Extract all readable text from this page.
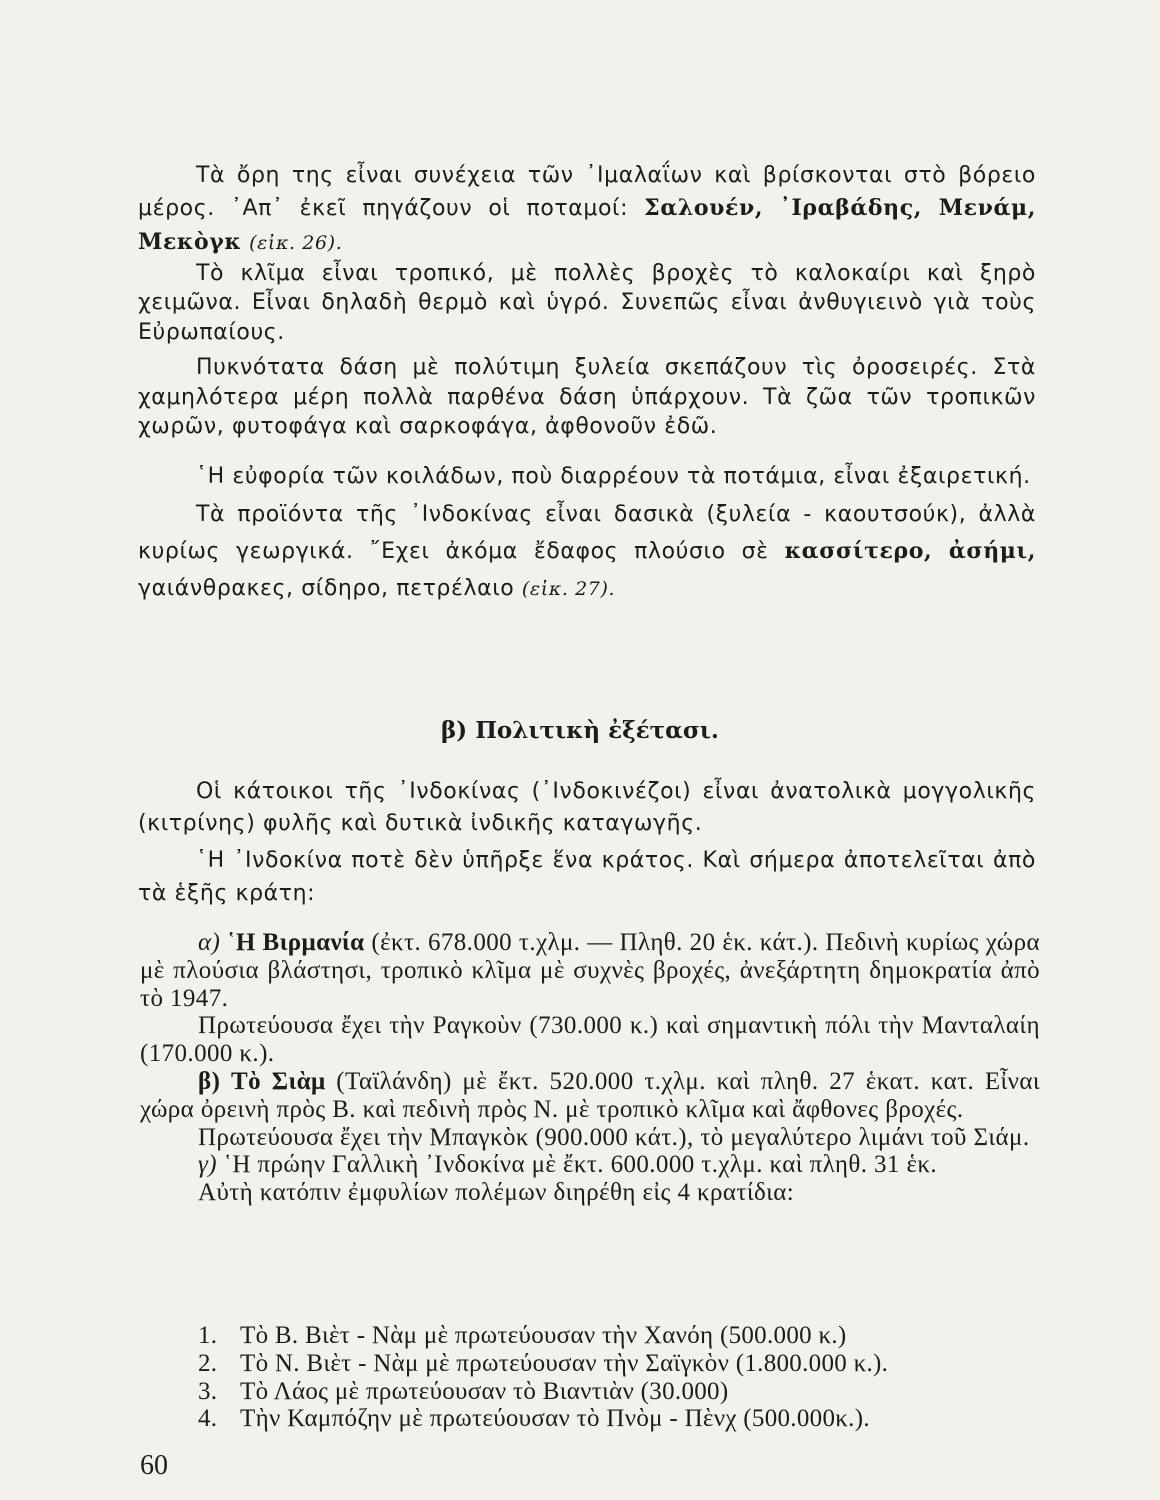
Τὰ ὄρη της εἶναι συνέχεια τῶν ᾿Ιμαλαΐων καὶ βρίσκονται στὸ βόρειο μέρος. ᾿Απ᾿ ἐκεῖ πηγάζουν οἱ ποταμοί: Σαλουέν, ᾿Ιραβάδης, Μενάμ, Μεκὸγκ (εἰκ. 26).

Τὸ κλῖμα εἶναι τροπικό, μὲ πολλὲς βροχὲς τὸ καλοκαίρι καὶ ξηρὸ χειμῶνα. Εἶναι δηλαδὴ θερμὸ καὶ ὑγρό. Συνεπῶς εἶναι ἀνθυγιεινὸ γιὰ τοὺς Εὐρωπαίους.

Πυκνότατα δάση μὲ πολύτιμη ξυλεία σκεπάζουν τὶς ὀροσειρές. Στὰ χαμηλότερα μέρη πολλὰ παρθένα δάση ὑπάρχουν. Τὰ ζῶα τῶν τροπικῶν χωρῶν, φυτοφάγα καὶ σαρκοφάγα, ἀφθονοῦν ἐδῶ.

῾Η εὐφορία τῶν κοιλάδων, ποὺ διαρρέουν τὰ ποτάμια, εἶναι ἐξαιρετική.

Τὰ προϊόντα τῆς ᾿Ινδοκίνας εἶναι δασικὰ (ξυλεία - καουτσούκ), ἀλλὰ κυρίως γεωργικά. ῎Εχει ἀκόμα ἔδαφος πλούσιο σὲ κασσίτερο, ἀσήμι, γαιάνθρακες, σίδηρο, πετρέλαιο (εἰκ. 27).

β) Πολιτικὴ ἐξέτασι.

Οἱ κάτοικοι τῆς ᾿Ινδοκίνας (᾿Ινδοκινέζοι) εἶναι ἀνατολικὰ μογγολικῆς (κιτρίνης) φυλῆς καὶ δυτικὰ ἰνδικῆς καταγωγῆς.

῾Η ᾿Ινδοκίνα ποτὲ δὲν ὑπῆρξε ἕνα κράτος. Καὶ σήμερα ἀποτελεῖται ἀπὸ τὰ ἑξῆς κράτη:

α) ῾Η Βιρμανία (ἐκτ. 678.000 τ.χλμ. — Πληθ. 20 ἑκ. κάτ.). Πεδινὴ κυρίως χώρα μὲ πλούσια βλάστησι, τροπικὸ κλῖμα μὲ συχνὲς βροχές, ἀνεξάρτητη δημοκρατία ἀπὸ τὸ 1947.

Πρωτεύουσα ἔχει τὴν Ραγκοὺν (730.000 κ.) καὶ σημαντικὴ πόλι τὴν Μανταλαίη (170.000 κ.).

β) Τὸ Σιὰμ (Ταϊλάνδη) μὲ ἔκτ. 520.000 τ.χλμ. καὶ πληθ. 27 ἑκατ. κατ. Εἶναι χώρα ὀρεινὴ πρὸς Β. καὶ πεδινὴ πρὸς Ν. μὲ τροπικὸ κλῖμα καὶ ἄφθονες βροχές.

Πρωτεύουσα ἔχει τὴν Μπαγκὸκ (900.000 κάτ.), τὸ μεγαλύτερο λιμάνι τοῦ Σιάμ.

γ) ῾Η πρώην Γαλλικὴ ᾿Ινδοκίνα μὲ ἔκτ. 600.000 τ.χλμ. καὶ πληθ. 31 ἑκ.

Αὐτὴ κατόπιν ἐμφυλίων πολέμων διηρέθη εἰς 4 κρατίδια:

1. Τὸ Β. Βιὲτ - Νὰμ μὲ πρωτεύουσαν τὴν Χανόη (500.000 κ.)
2. Τὸ Ν. Βιὲτ - Νὰμ μὲ πρωτεύουσαν τὴν Σαϊγκὸν (1.800.000 κ.).
3. Τὸ Λάος μὲ πρωτεύουσαν τὸ Βιαντιὰν (30.000)
4. Τὴν Καμπόζην μὲ πρωτεύουσαν τὸ Πνὸμ - Πὲνχ (500.000κ.).
60
